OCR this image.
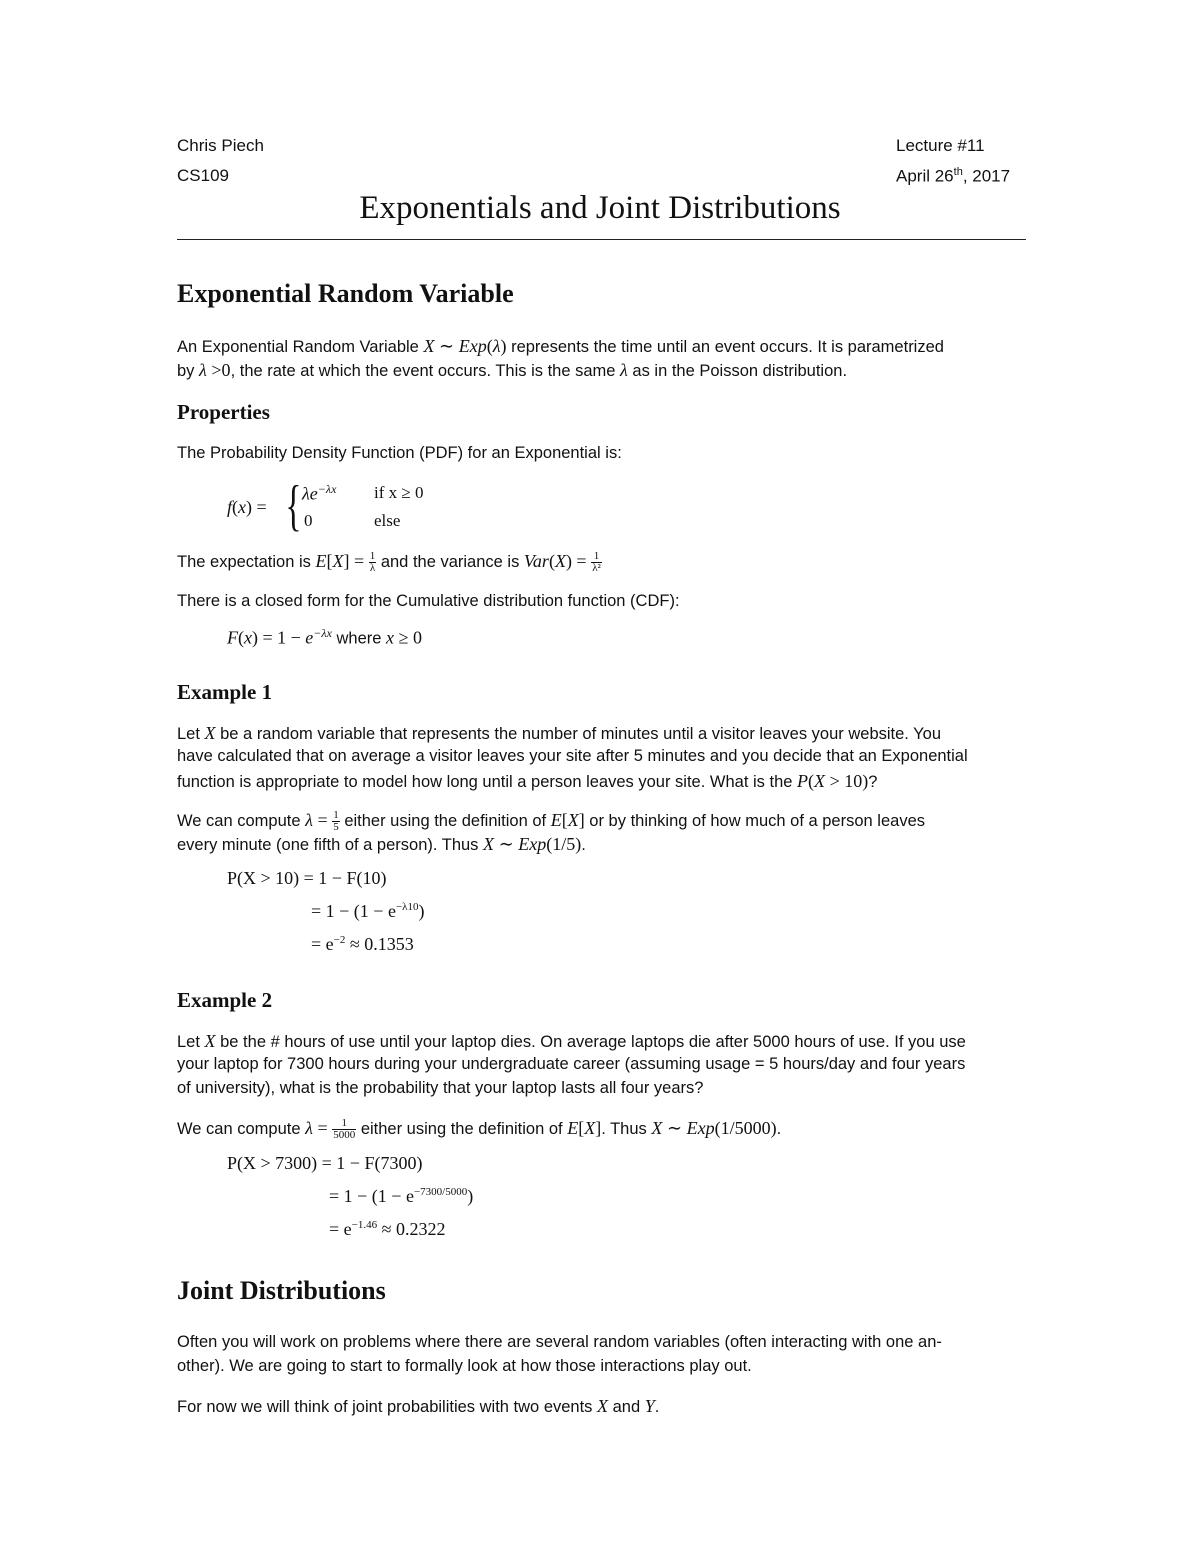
Chris Piech
CS109
Lecture #11
April 26th, 2017
Exponentials and Joint Distributions
Exponential Random Variable
An Exponential Random Variable X ∼ Exp(λ) represents the time until an event occurs. It is parametrized
by λ >0, the rate at which the event occurs. This is the same λ as in the Poisson distribution.
Properties
The Probability Density Function (PDF) for an Exponential is:
f(x) = { $\lambda e^{-\lambda x}$ if x ≥ 0
0	else
The expectation is $E[X] = \frac{1}{\lambda}$ and the variance is $Var(X) = \frac{1}{\text{λ²}}$
There is a closed form for the Cumulative distribution function (CDF):
$F(x) = 1 - e^{-\lambda x}$ where x ≥ 0
Example 1
Let X be a random variable that represents the number of minutes until a visitor leaves your website. You
have calculated that on average a visitor leaves your site after 5 minutes and you decide that an Exponential
function is appropriate to model how long until a person leaves your site. What is the P(X > 10)?
We can compute $\lambda = \frac{1}{5}$ either using the definition of E[X] or by thinking of how much of a person leaves
every minute (one fifth of a person). Thus X ∼ Exp(1/5).
P(X > 10) = 1 − F(10)
= $1 - (1 - e^{-\lambda 10})$
= $e^{-2} \approx 0.1353$
Example 2
Let X be the # hours of use until your laptop dies. On average laptops die after 5000 hours of use. If you use
your laptop for 7300 hours during your undergraduate career (assuming usage = 5 hours/day and four years
of university), what is the probability that your laptop lasts all four years?
We can compute $\lambda = \frac{1}{5000}$ either using the definition of E[X]. Thus X ∼ Exp(1/5000).
P(X > 7300) = 1 − F(7300)
= $1 - (1 - e^{-7300/5000})$
= $e^{-1.46} \approx 0.2322$
Joint Distributions
Often you will work on problems where there are several random variables (often interacting with one an-
other). We are going to start to formally look at how those interactions play out.
For now we will think of joint probabilities with two events X and Y.
